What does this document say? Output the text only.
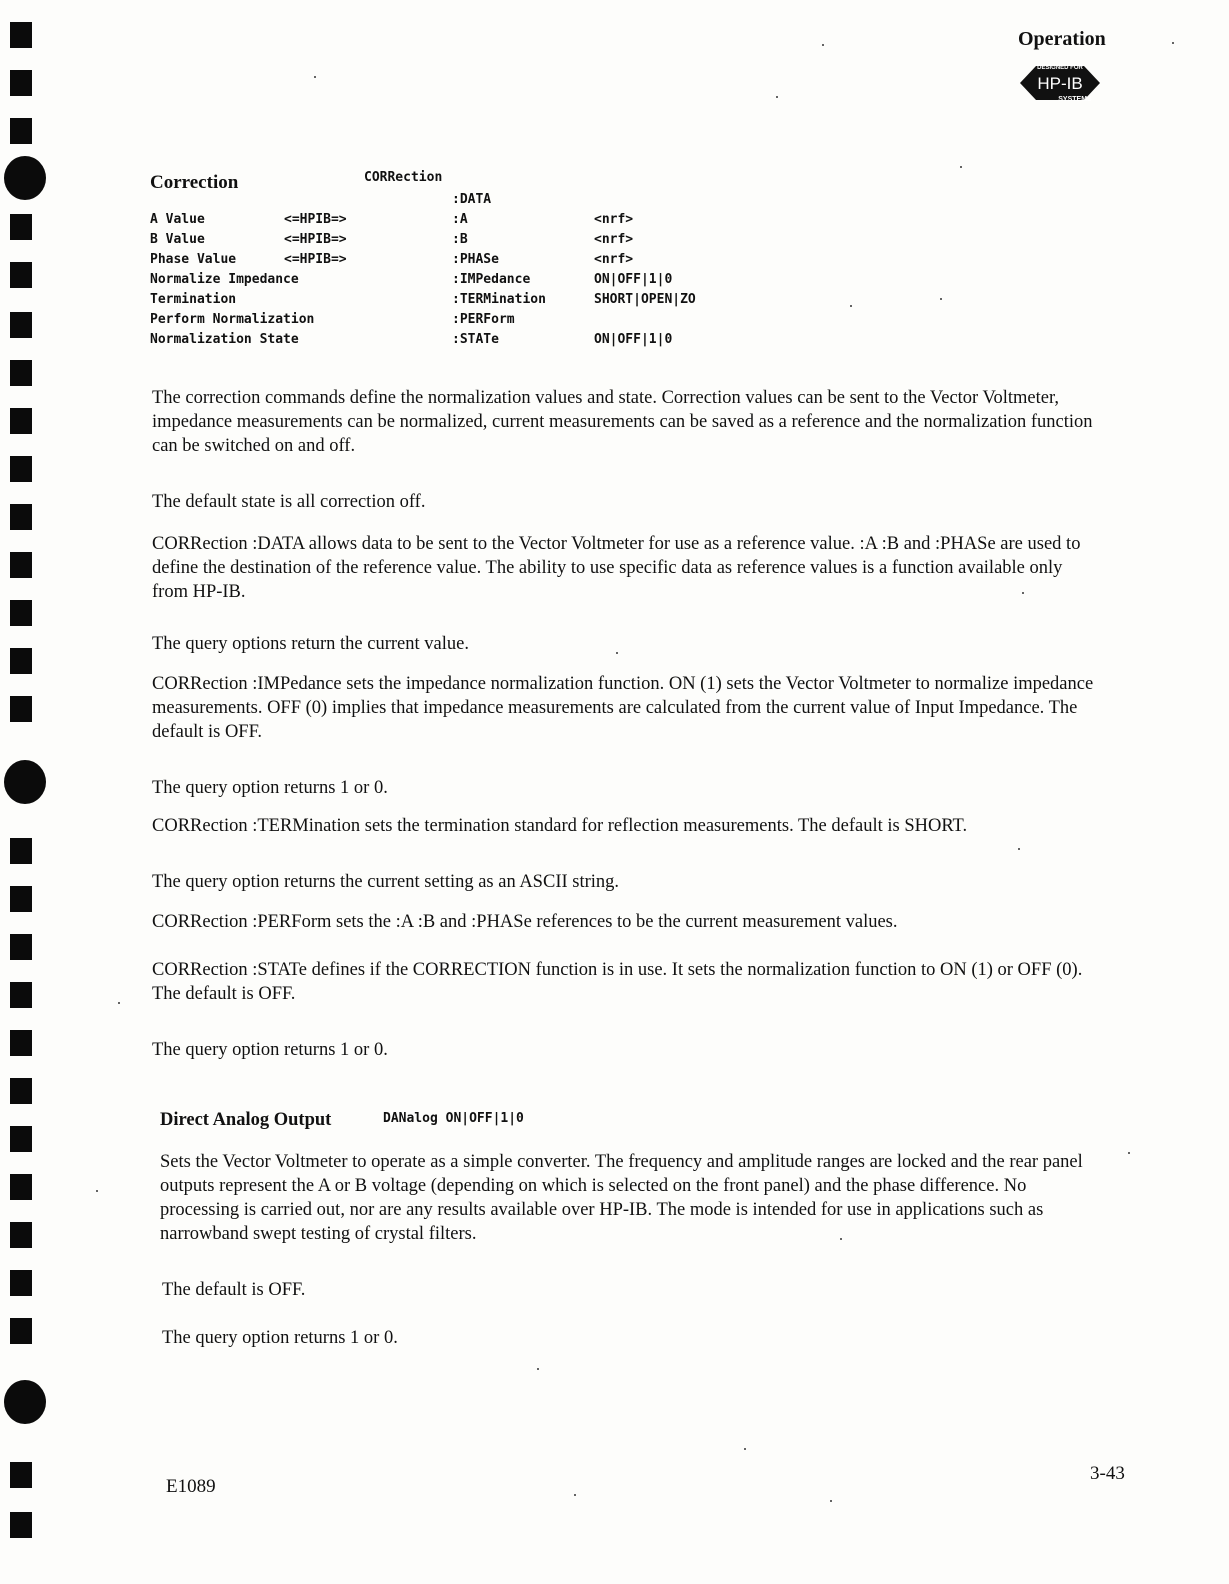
Operation
DESIGNED FOR
HP-IB
SYSTEMS
Correction	CORRection
		:DATA	
A Value	<=HPIB=>	:A	<nrf>
B Value	<=HPIB=>	:B	<nrf>
Phase Value	<=HPIB=>	:PHASe	<nrf>
Normalize Impedance		:IMPedance	ON|OFF|1|0
Termination		:TERMination	SHORT|OPEN|ZO
Perform Normalization		:PERForm	
Normalization State		:STATe	ON|OFF|1|0

The correction commands define the normalization values and state. Correction values can be sent to the Vector Voltmeter, impedance measurements can be normalized, current measurements can be saved as a reference and the normalization function can be switched on and off.

The default state is all correction off.

CORRection :DATA allows data to be sent to the Vector Voltmeter for use as a reference value. :A :B and :PHASe are used to define the destination of the reference value. The ability to use specific data as reference values is a function available only from HP-IB.

The query options return the current value.

CORRection :IMPedance sets the impedance normalization function. ON (1) sets the Vector Voltmeter to normalize impedance measurements. OFF (0) implies that impedance measurements are calculated from the current value of Input Impedance. The default is OFF.

The query option returns 1 or 0.

CORRection :TERMination sets the termination standard for reflection measurements. The default is SHORT.

The query option returns the current setting as an ASCII string.

CORRection :PERForm sets the :A :B and :PHASe references to be the current measurement values.

CORRection :STATe defines if the CORRECTION function is in use. It sets the normalization function to ON (1) or OFF (0). The default is OFF.

The query option returns 1 or 0.

Direct Analog Output	DANalog ON|OFF|1|0

Sets the Vector Voltmeter to operate as a simple converter. The frequency and amplitude ranges are locked and the rear panel outputs represent the A or B voltage (depending on which is selected on the front panel) and the phase difference. No processing is carried out, nor are any results available over HP-IB. The mode is intended for use in applications such as narrowband swept testing of crystal filters.

The default is OFF.

The query option returns 1 or 0.

E1089
3-43
